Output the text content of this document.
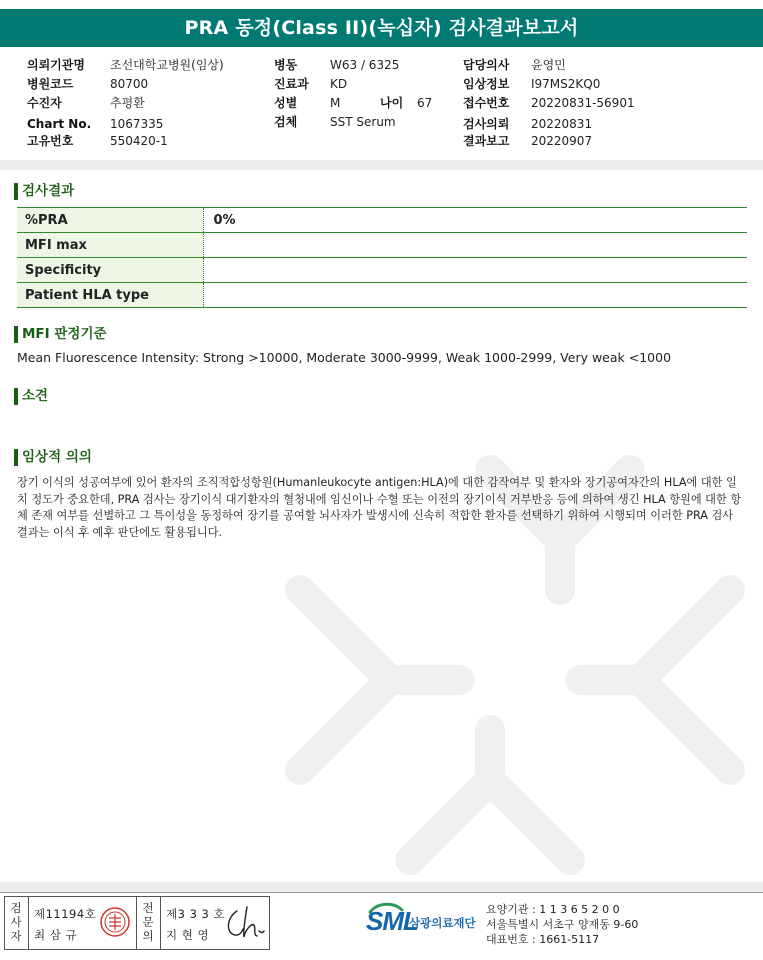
PRA 동정(Class II)(녹십자) 검사결과보고서
의뢰기관명 조선대학교병원(임상)
병원코드	80700
수진자	추평환
Chart No. 1067335
고유번호	550420-1
병동	W63 / 6325
진료과 KD
성별	M	나이 67
검체	SST Serum
담당의사 윤영민
임상정보 I97MS2KQ0
접수번호 20220831-56901
검사의뢰 20220831
결과보고 20220907
검사결과
%PRA	0%
MFI max	
Specificity	
Patient HLA type	
MFI 판정기준
Mean Fluorescence Intensity: Strong >10000, Moderate 3000-9999, Weak 1000-2999, Very weak <1000
소견
임상적 의의
장기 이식의 성공여부에 있어 환자의 조직적합성항원(Humanleukocyte antigen:HLA)에 대한 감작여부 및 환자와 장기공여자간의 HLA에 대한 일치 정도가 중요한데, PRA 검사는 장기이식 대기환자의 혈청내에 임신이나 수혈 또는 이전의 장기이식 거부반응 등에 의하여 생긴 HLA 항원에 대한 항체 존재 여부를 선별하고 그 특이성을 동정하여 장기를 공여할 뇌사자가 발생시에 신속히 적합한 환자를 선택하기 위하여 시행되며 이러한 PRA 검사결과는 이식 후 예후 판단에도 활용됩니다.
검사자
제11194호
최 삼 규
전문의
제3 3 3 호
지 현 영	SML
삼광의료재단
요양기관 : 1 1 3 6 5 2 0 0
서울특별시 서초구 양재동 9-60
대표번호 : 1661-5117
